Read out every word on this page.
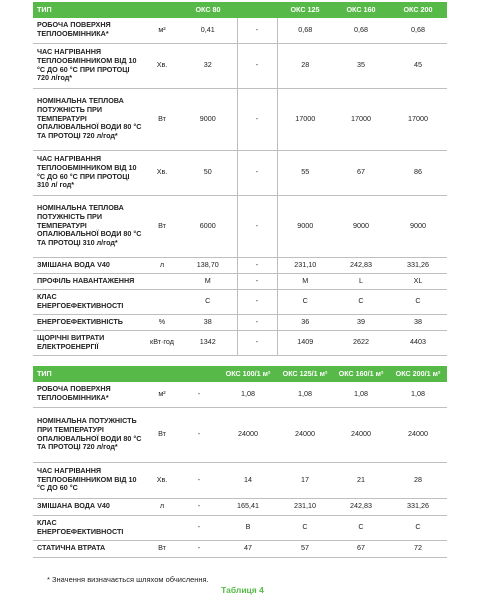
ТИП		ОКС 80		ОКС 125	ОКС 160	ОКС 200
РОБОЧА ПОВЕРХНЯ ТЕПЛООБМІННИКА*	м²	0,41	-	0,68	0,68	0,68
ЧАС НАГРІВАННЯ ТЕПЛООБМІННИКОМ ВІД 10 °С ДО 60 °С ПРИ ПРОТОЦІ 720 л/год*	Хв.	32	-	28	35	45
НОМІНАЛЬНА ТЕПЛОВА ПОТУЖНІСТЬ ПРИ ТЕМПЕРАТУРІ ОПАЛЮВАЛЬНОЇ ВОДИ 80 °С ТА ПРОТОЦІ 720 л/год*	Вт	9000	-	17000	17000	17000
ЧАС НАГРІВАННЯ ТЕПЛООБМІННИКОМ ВІД 10 °С ДО 60 °С ПРИ ПРОТОЦІ 310 л/ год*	Хв.	50	-	55	67	86
НОМІНАЛЬНА ТЕПЛОВА ПОТУЖНІСТЬ ПРИ ТЕМПЕРАТУРІ ОПАЛЮВАЛЬНОЇ ВОДИ 80 °С ТА ПРОТОЦІ 310 л/год*	Вт	6000	-	9000	9000	9000
ЗМІШАНА ВОДА V40	л	138,70	-	231,10	242,83	331,26
ПРОФІЛЬ НАВАНТАЖЕННЯ		M	-	M	L	XL
КЛАС ЕНЕРГОЕФЕКТИВНОСТІ		C	-	C	C	C
ЕНЕРГОЕФЕКТИВНІСТЬ	%	38	-	36	39	38
ЩОРІЧНІ ВИТРАТИ ЕЛЕКТРОЕНЕРГІЇ	кВт·год	1342	-	1409	2622	4403
ТИП			ОКС 100/1 м²	ОКС 125/1 м²	ОКС 160/1 м²	ОКС 200/1 м²
РОБОЧА ПОВЕРХНЯ ТЕПЛООБМІННИКА*	м²	-	1,08	1,08	1,08	1,08
НОМІНАЛЬНА ПОТУЖНІСТЬ ПРИ ТЕМПЕРАТУРІ ОПАЛЮВАЛЬНОЇ ВОДИ 80 °С ТА ПРОТОЦІ 720 л/год*	Вт	-	24000	24000	24000	24000
ЧАС НАГРІВАННЯ ТЕПЛООБМІННИКОМ ВІД 10 °С ДО 60 °С	Хв.	-	14	17	21	28
ЗМІШАНА ВОДА V40	л	-	165,41	231,10	242,83	331,26
КЛАС ЕНЕРГОЕФЕКТИВНОСТІ		-	B	C	C	C
СТАТИЧНА ВТРАТА	Вт	-	47	57	67	72
* Значення визначається шляхом обчислення.
Таблиця 4
